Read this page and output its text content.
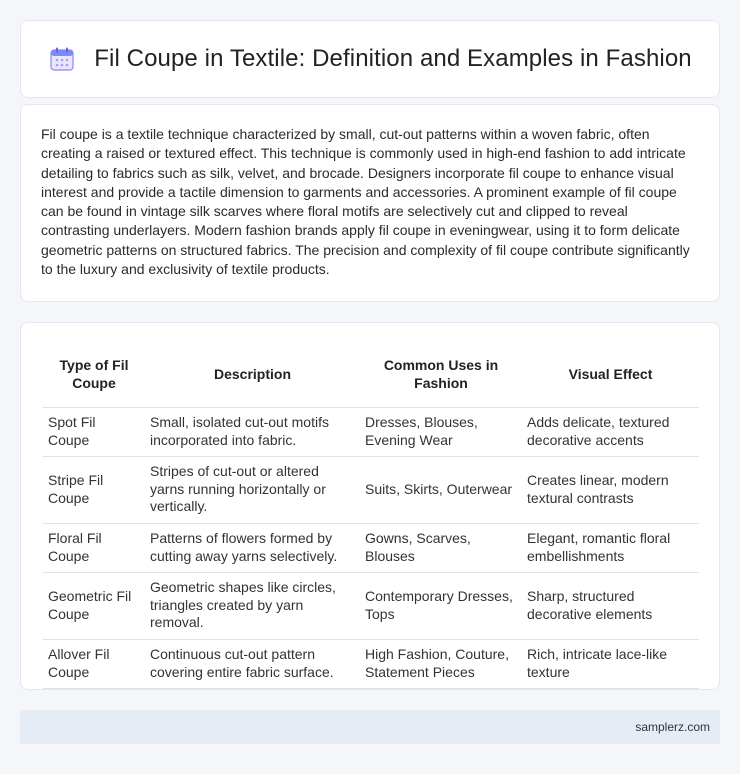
Fil Coupe in Textile: Definition and Examples in Fashion

Fil coupe is a textile technique characterized by small, cut-out patterns within a woven fabric, often creating a raised or textured effect. This technique is commonly used in high-end fashion to add intricate detailing to fabrics such as silk, velvet, and brocade. Designers incorporate fil coupe to enhance visual interest and provide a tactile dimension to garments and accessories. A prominent example of fil coupe can be found in vintage silk scarves where floral motifs are selectively cut and clipped to reveal contrasting underlayers. Modern fashion brands apply fil coupe in eveningwear, using it to form delicate geometric patterns on structured fabrics. The precision and complexity of fil coupe contribute significantly to the luxury and exclusivity of textile products.

Type of Fil Coupe	Description	Common Uses in Fashion	Visual Effect
Spot Fil Coupe	Small, isolated cut-out motifs incorporated into fabric.	Dresses, Blouses, Evening Wear	Adds delicate, textured decorative accents
Stripe Fil Coupe	Stripes of cut-out or altered yarns running horizontally or vertically.	Suits, Skirts, Outerwear	Creates linear, modern textural contrasts
Floral Fil Coupe	Patterns of flowers formed by cutting away yarns selectively.	Gowns, Scarves, Blouses	Elegant, romantic floral embellishments
Geometric Fil Coupe	Geometric shapes like circles, triangles created by yarn removal.	Contemporary Dresses, Tops	Sharp, structured decorative elements
Allover Fil Coupe	Continuous cut-out pattern covering entire fabric surface.	High Fashion, Couture, Statement Pieces	Rich, intricate lace-like texture
samplerz.com
